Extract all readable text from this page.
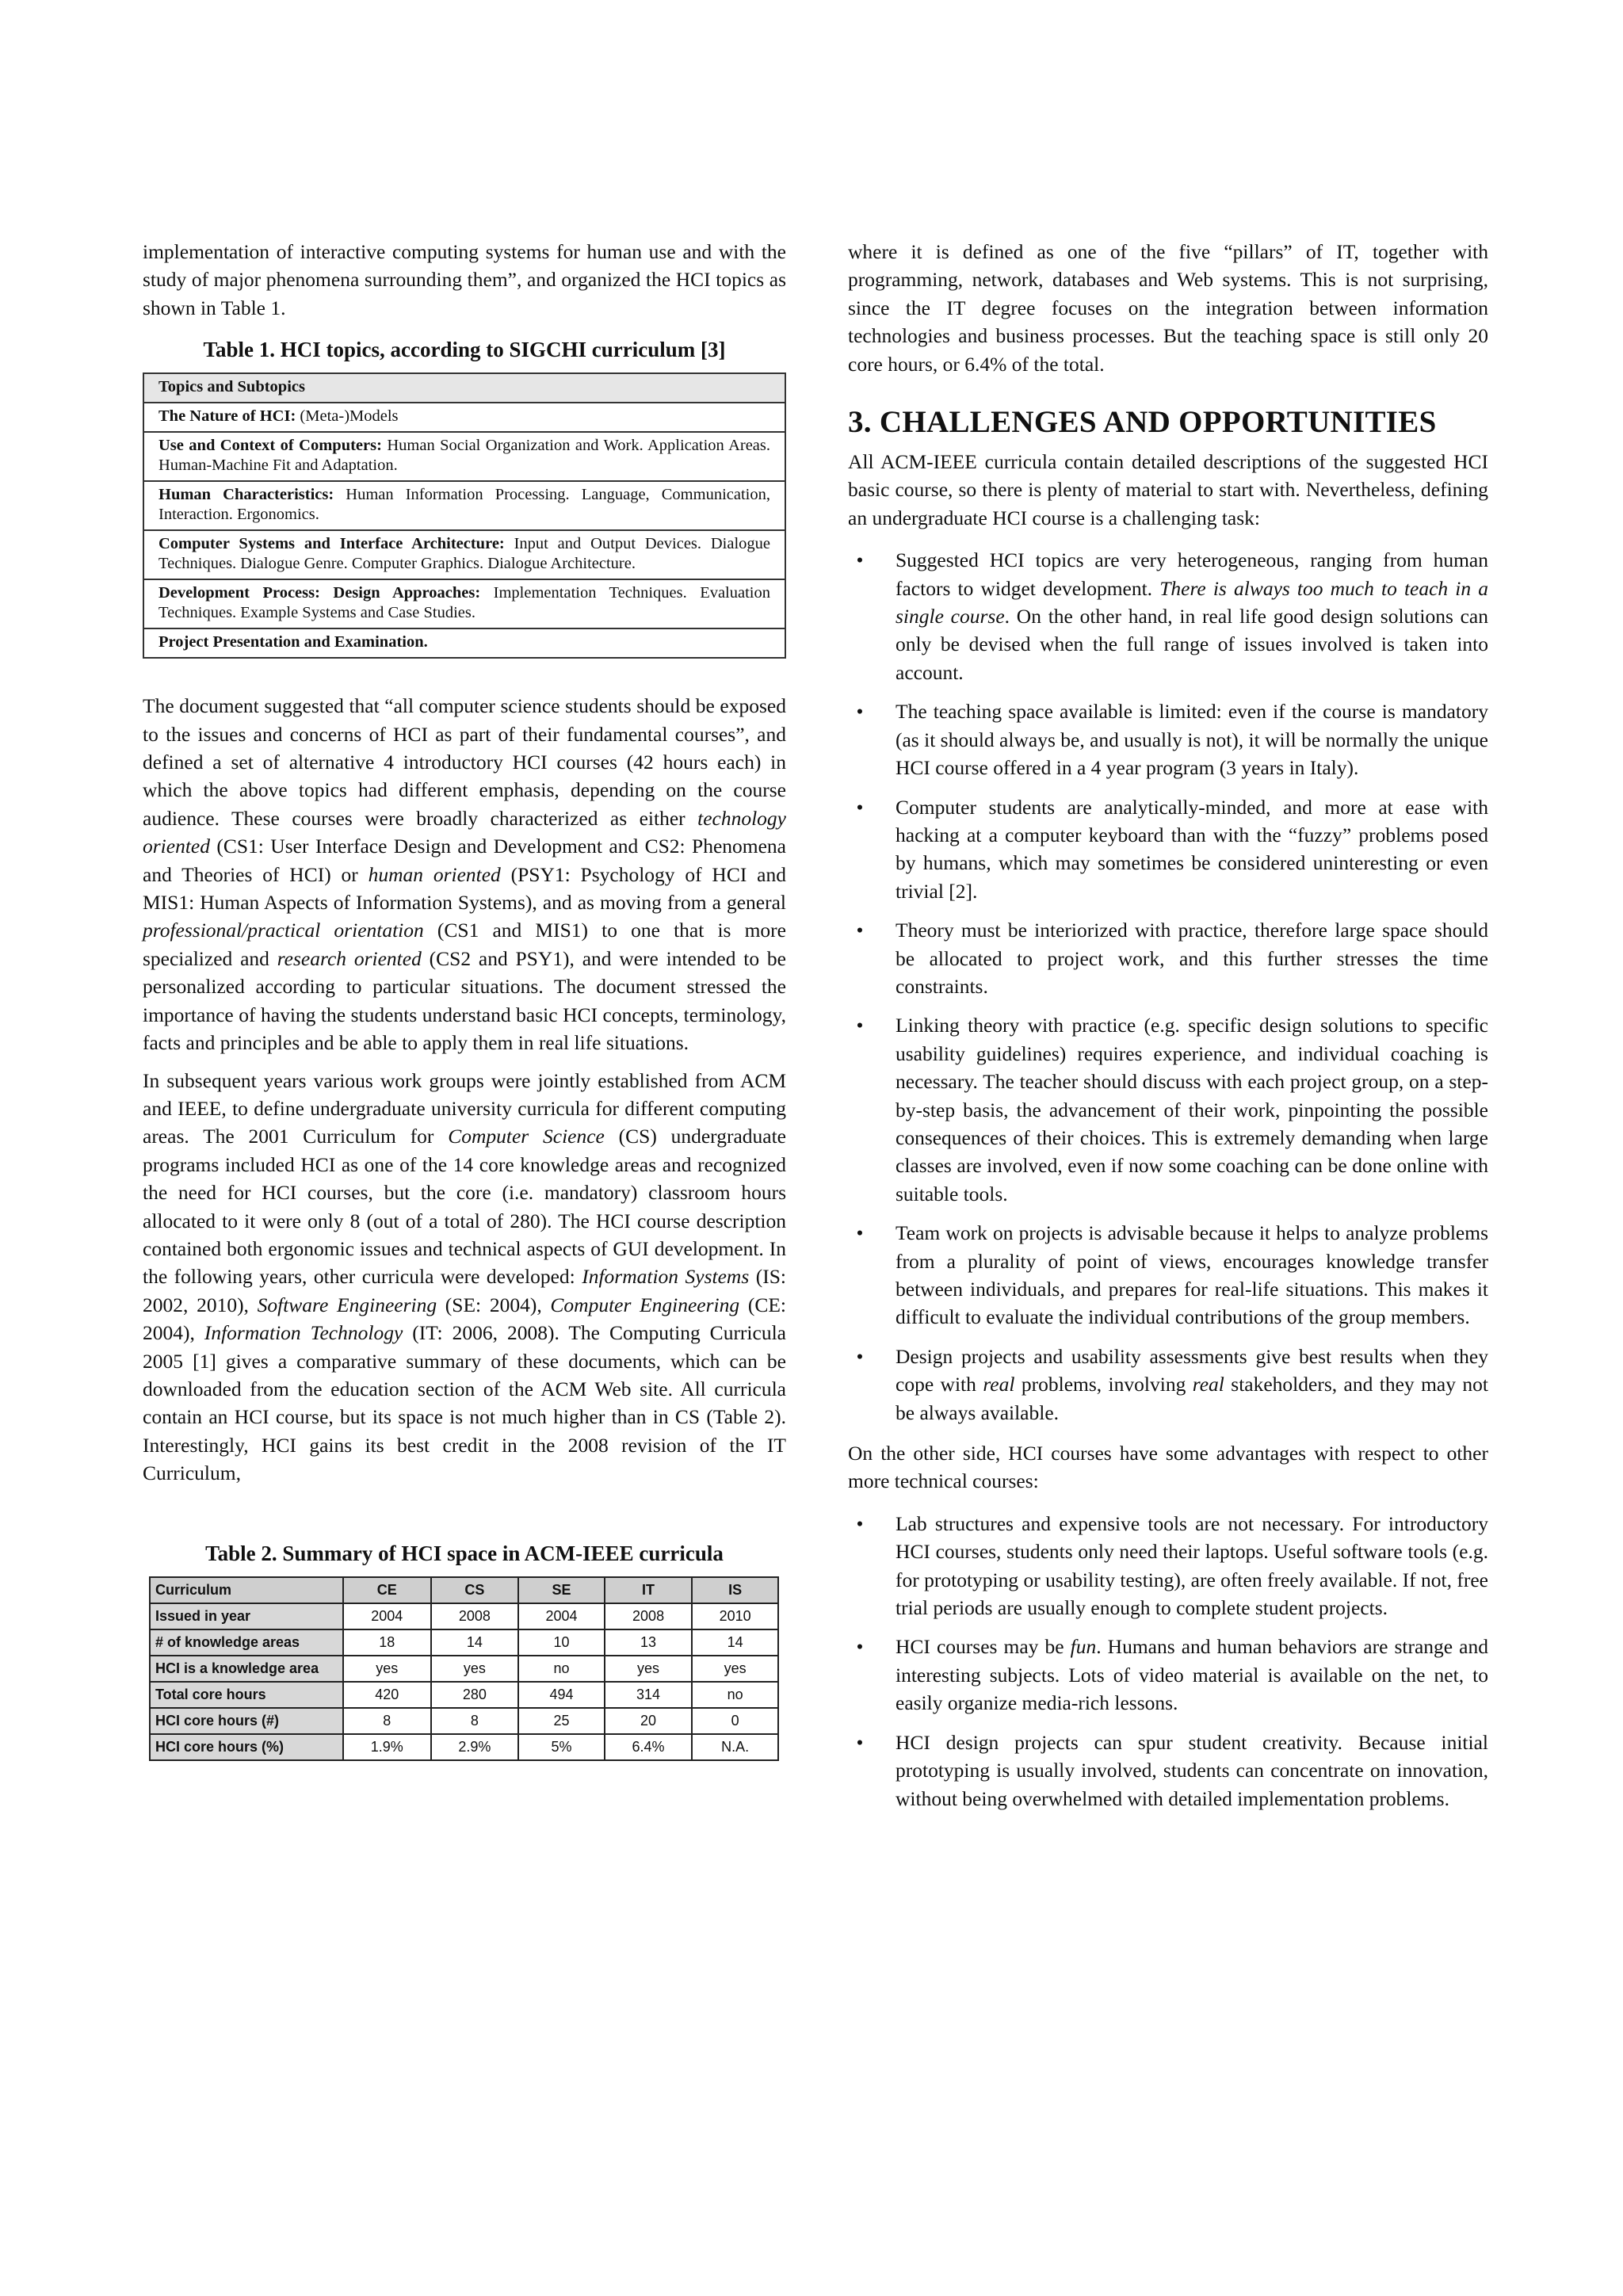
implementation of interactive computing systems for human use and with the study of major phenomena surrounding them”, and organized the HCI topics as shown in Table 1.

Table 1. HCI topics, according to SIGCHI curriculum [3]
Topics and Subtopics
The Nature of HCI: (Meta-)Models
Use and Context of Computers: Human Social Organization and Work. Application Areas. Human-Machine Fit and Adaptation.
Human Characteristics: Human Information Processing. Language, Communication, Interaction. Ergonomics.
Computer Systems and Interface Architecture: Input and Output Devices. Dialogue Techniques. Dialogue Genre. Computer Graphics. Dialogue Architecture.
Development Process: Design Approaches: Implementation Techniques. Evaluation Techniques. Example Systems and Case Studies.
Project Presentation and Examination.

The document suggested that “all computer science students should be exposed to the issues and concerns of HCI as part of their fundamental courses”, and defined a set of alternative 4 introductory HCI courses (42 hours each) in which the above topics had different emphasis, depending on the course audience. These courses were broadly characterized as either technology oriented (CS1: User Interface Design and Development and CS2: Phenomena and Theories of HCI) or human oriented (PSY1: Psychology of HCI and MIS1: Human Aspects of Information Systems), and as moving from a general professional/practical orientation (CS1 and MIS1) to one that is more specialized and research oriented (CS2 and PSY1), and were intended to be personalized according to particular situations. The document stressed the importance of having the students understand basic HCI concepts, terminology, facts and principles and be able to apply them in real life situations.

In subsequent years various work groups were jointly established from ACM and IEEE, to define undergraduate university curricula for different computing areas. The 2001 Curriculum for Computer Science (CS) undergraduate programs included HCI as one of the 14 core knowledge areas and recognized the need for HCI courses, but the core (i.e. mandatory) classroom hours allocated to it were only 8 (out of a total of 280). The HCI course description contained both ergonomic issues and technical aspects of GUI development. In the following years, other curricula were developed: Information Systems (IS: 2002, 2010), Software Engineering (SE: 2004), Computer Engineering (CE: 2004), Information Technology (IT: 2006, 2008). The Computing Curricula 2005 [1] gives a comparative summary of these documents, which can be downloaded from the education section of the ACM Web site. All curricula contain an HCI course, but its space is not much higher than in CS (Table 2). Interestingly, HCI gains its best credit in the 2008 revision of the IT Curriculum,

Table 2. Summary of HCI space in ACM-IEEE curricula
Curriculum	CE	CS	SE	IT	IS
Issued in year	2004	2008	2004	2008	2010
# of knowledge areas	18	14	10	13	14
HCI is a knowledge area	yes	yes	no	yes	yes
Total core hours	420	280	494	314	no
HCI core hours (#)	8	8	25	20	0
HCI core hours (%)	1.9%	2.9%	5%	6.4%	N.A.

where it is defined as one of the five “pillars” of IT, together with programming, network, databases and Web systems. This is not surprising, since the IT degree focuses on the integration between information technologies and business processes. But the teaching space is still only 20 core hours, or 6.4% of the total.

3. CHALLENGES AND OPPORTUNITIES

All ACM-IEEE curricula contain detailed descriptions of the suggested HCI basic course, so there is plenty of material to start with. Nevertheless, defining an undergraduate HCI course is a challenging task:

•	Suggested HCI topics are very heterogeneous, ranging from human factors to widget development. There is always too much to teach in a single course. On the other hand, in real life good design solutions can only be devised when the full range of issues involved is taken into account.
•	The teaching space available is limited: even if the course is mandatory (as it should always be, and usually is not), it will be normally the unique HCI course offered in a 4 year program (3 years in Italy).
•	Computer students are analytically-minded, and more at ease with hacking at a computer keyboard than with the “fuzzy” problems posed by humans, which may sometimes be considered uninteresting or even trivial [2].
•	Theory must be interiorized with practice, therefore large space should be allocated to project work, and this further stresses the time constraints.
•	Linking theory with practice (e.g. specific design solutions to specific usability guidelines) requires experience, and individual coaching is necessary. The teacher should discuss with each project group, on a step-by-step basis, the advancement of their work, pinpointing the possible consequences of their choices. This is extremely demanding when large classes are involved, even if now some coaching can be done online with suitable tools.
•	Team work on projects is advisable because it helps to analyze problems from a plurality of point of views, encourages knowledge transfer between individuals, and prepares for real-life situations. This makes it difficult to evaluate the individual contributions of the group members.
•	Design projects and usability assessments give best results when they cope with real problems, involving real stakeholders, and they may not be always available.

On the other side, HCI courses have some advantages with respect to other more technical courses:

•	Lab structures and expensive tools are not necessary. For introductory HCI courses, students only need their laptops. Useful software tools (e.g. for prototyping or usability testing), are often freely available. If not, free trial periods are usually enough to complete student projects.
•	HCI courses may be fun. Humans and human behaviors are strange and interesting subjects. Lots of video material is available on the net, to easily organize media-rich lessons.
•	HCI design projects can spur student creativity. Because initial prototyping is usually involved, students can concentrate on innovation, without being overwhelmed with detailed implementation problems.
